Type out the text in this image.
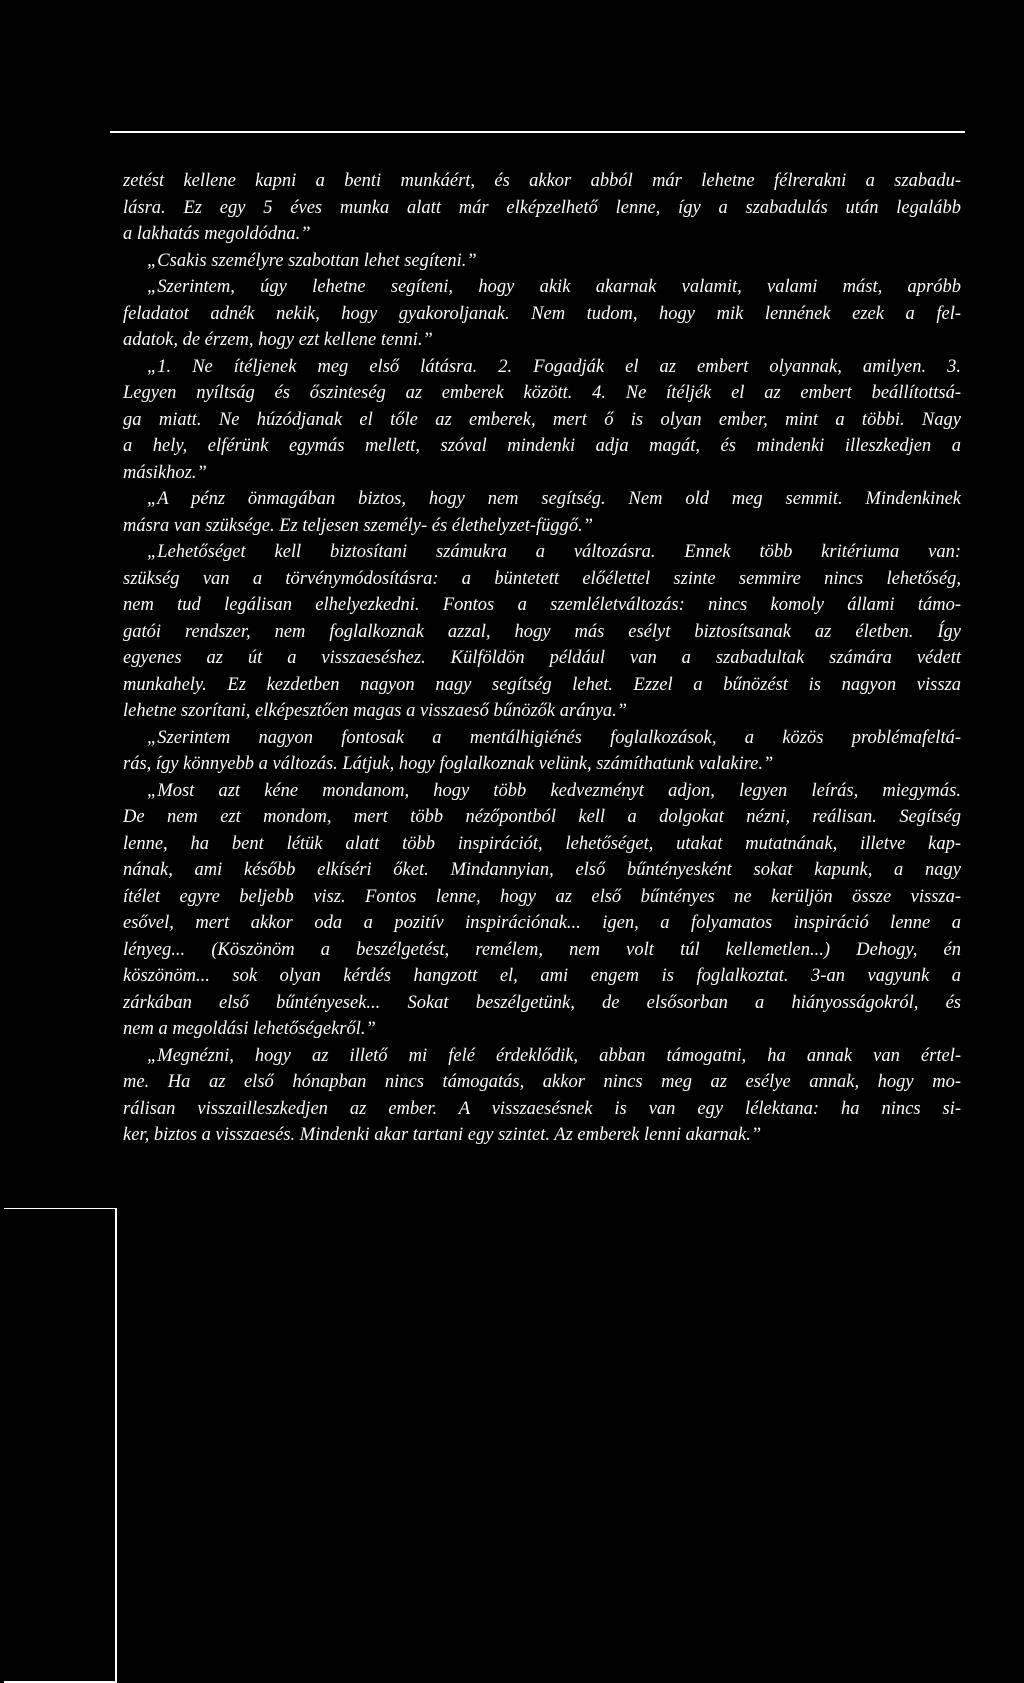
zetést kellene kapni a benti munkáért, és akkor abból már lehetne félrerakni a szabadu-
lásra. Ez egy 5 éves munka alatt már elképzelhető lenne, így a szabadulás után legalább
a lakhatás megoldódna.”
„Csakis személyre szabottan lehet segíteni.”
„Szerintem, úgy lehetne segíteni, hogy akik akarnak valamit, valami mást, apróbb
feladatot adnék nekik, hogy gyakoroljanak. Nem tudom, hogy mik lennének ezek a fel-
adatok, de érzem, hogy ezt kellene tenni.”
„1. Ne ítéljenek meg első látásra. 2. Fogadják el az embert olyannak, amilyen. 3.
Legyen nyíltság és őszinteség az emberek között. 4. Ne ítéljék el az embert beállítottsá-
ga miatt. Ne húzódjanak el tőle az emberek, mert ő is olyan ember, mint a többi. Nagy
a hely, elférünk egymás mellett, szóval mindenki adja magát, és mindenki illeszkedjen a
másikhoz.”
„A pénz önmagában biztos, hogy nem segítség. Nem old meg semmit. Mindenkinek
másra van szüksége. Ez teljesen személy- és élethelyzet-függő.”
„Lehetőséget kell biztosítani számukra a változásra. Ennek több kritériuma van:
szükség van a törvénymódosításra: a büntetett előélettel szinte semmire nincs lehetőség,
nem tud legálisan elhelyezkedni. Fontos a szemléletváltozás: nincs komoly állami támo-
gatói rendszer, nem foglalkoznak azzal, hogy más esélyt biztosítsanak az életben. Így
egyenes az út a visszaeséshez. Külföldön például van a szabadultak számára védett
munkahely. Ez kezdetben nagyon nagy segítség lehet. Ezzel a bűnözést is nagyon vissza
lehetne szorítani, elképesztően magas a visszaeső bűnözők aránya.”
„Szerintem nagyon fontosak a mentálhigiénés foglalkozások, a közös problémafeltá-
rás, így könnyebb a változás. Látjuk, hogy foglalkoznak velünk, számíthatunk valakire.”
„Most azt kéne mondanom, hogy több kedvezményt adjon, legyen leírás, miegymás.
De nem ezt mondom, mert több nézőpontból kell a dolgokat nézni, reálisan. Segítség
lenne, ha bent létük alatt több inspirációt, lehetőséget, utakat mutatnának, illetve kap-
nának, ami később elkíséri őket. Mindannyian, első bűntényesként sokat kapunk, a nagy
ítélet egyre beljebb visz. Fontos lenne, hogy az első bűntényes ne kerüljön össze vissza-
esővel, mert akkor oda a pozitív inspirációnak... igen, a folyamatos inspiráció lenne a
lényeg... (Köszönöm a beszélgetést, remélem, nem volt túl kellemetlen...) Dehogy, én
köszönöm... sok olyan kérdés hangzott el, ami engem is foglalkoztat. 3-an vagyunk a
zárkában első bűntényesek... Sokat beszélgetünk, de elsősorban a hiányosságokról, és
nem a megoldási lehetőségekről.”
„Megnézni, hogy az illető mi felé érdeklődik, abban támogatni, ha annak van értel-
me. Ha az első hónapban nincs támogatás, akkor nincs meg az esélye annak, hogy mo-
rálisan visszailleszkedjen az ember. A visszaesésnek is van egy lélektana: ha nincs si-
ker, biztos a visszaesés. Mindenki akar tartani egy szintet. Az emberek lenni akarnak.”
